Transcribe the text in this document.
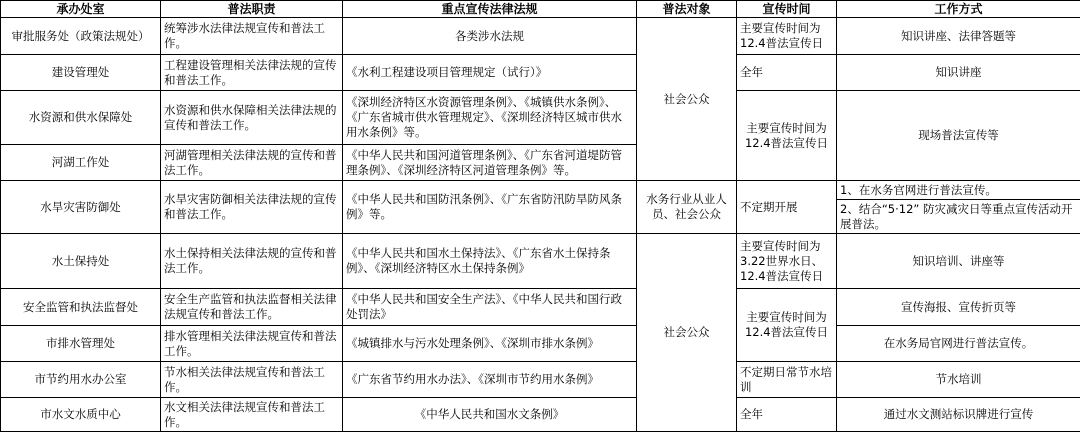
承办处室	普法职责	重点宣传法律法规	普法对象	宣传时间	工作方式
审批服务处（政策法规处）	统筹涉水法律法规宣传和普法工作。	各类涉水法规	社会公众	主要宣传时间为12.4普法宣传日	知识讲座、法律答题等
建设管理处	工程建设管理相关法律法规的宣传和普法工作。	《水利工程建设项目管理规定（试行）》		全年	知识讲座
水资源和供水保障处	水资源和供水保障相关法律法规的宣传和普法工作。	《深圳经济特区水资源管理条例》、《城镇供水条例》、《广东省城市供水管理规定》、《深圳经济特区城市供水用水条例》等。		主要宣传时间为12.4普法宣传日	现场普法宣传等
河湖工作处	河湖管理相关法律法规的宣传和普法工作。	《中华人民共和国河道管理条例》、《广东省河道堤防管理条例》、《深圳经济特区河道管理条例》等。			
水旱灾害防御处	水旱灾害防御相关法律法规的宣传和普法工作。	《中华人民共和国防汛条例》、《广东省防汛防旱防风条例》等。	水务行业从业人员、社会公众	不定期开展	1、在水务官网进行普法宣传。
					2、结合“5·12” 防灾减灾日等重点宣传活动开展普法。
水土保持处	水土保持相关法律法规的宣传和普法工作。	《中华人民共和国水土保持法》、《广东省水土保持条例》、《深圳经济特区水土保持条例》	社会公众	主要宣传时间为3.22世界水日、12.4普法宣传日	知识培训、讲座等
安全监管和执法监督处	安全生产监管和执法监督相关法律法规宣传和普法工作。	《中华人民共和国安全生产法》、《中华人民共和国行政处罚法》		主要宣传时间为12.4普法宣传日	宣传海报、宣传折页等
市排水管理处	排水管理相关法律法规宣传和普法工作。	《城镇排水与污水处理条例》、《深圳市排水条例》			在水务局官网进行普法宣传。
市节约用水办公室	节水相关法律法规宣传和普法工作。	《广东省节约用水办法》、《深圳市节约用水条例》		不定期日常节水培训	节水培训
市水文水质中心	水文相关法律法规宣传和普法工作。	《中华人民共和国水文条例》		全年	通过水文测站标识牌进行宣传
